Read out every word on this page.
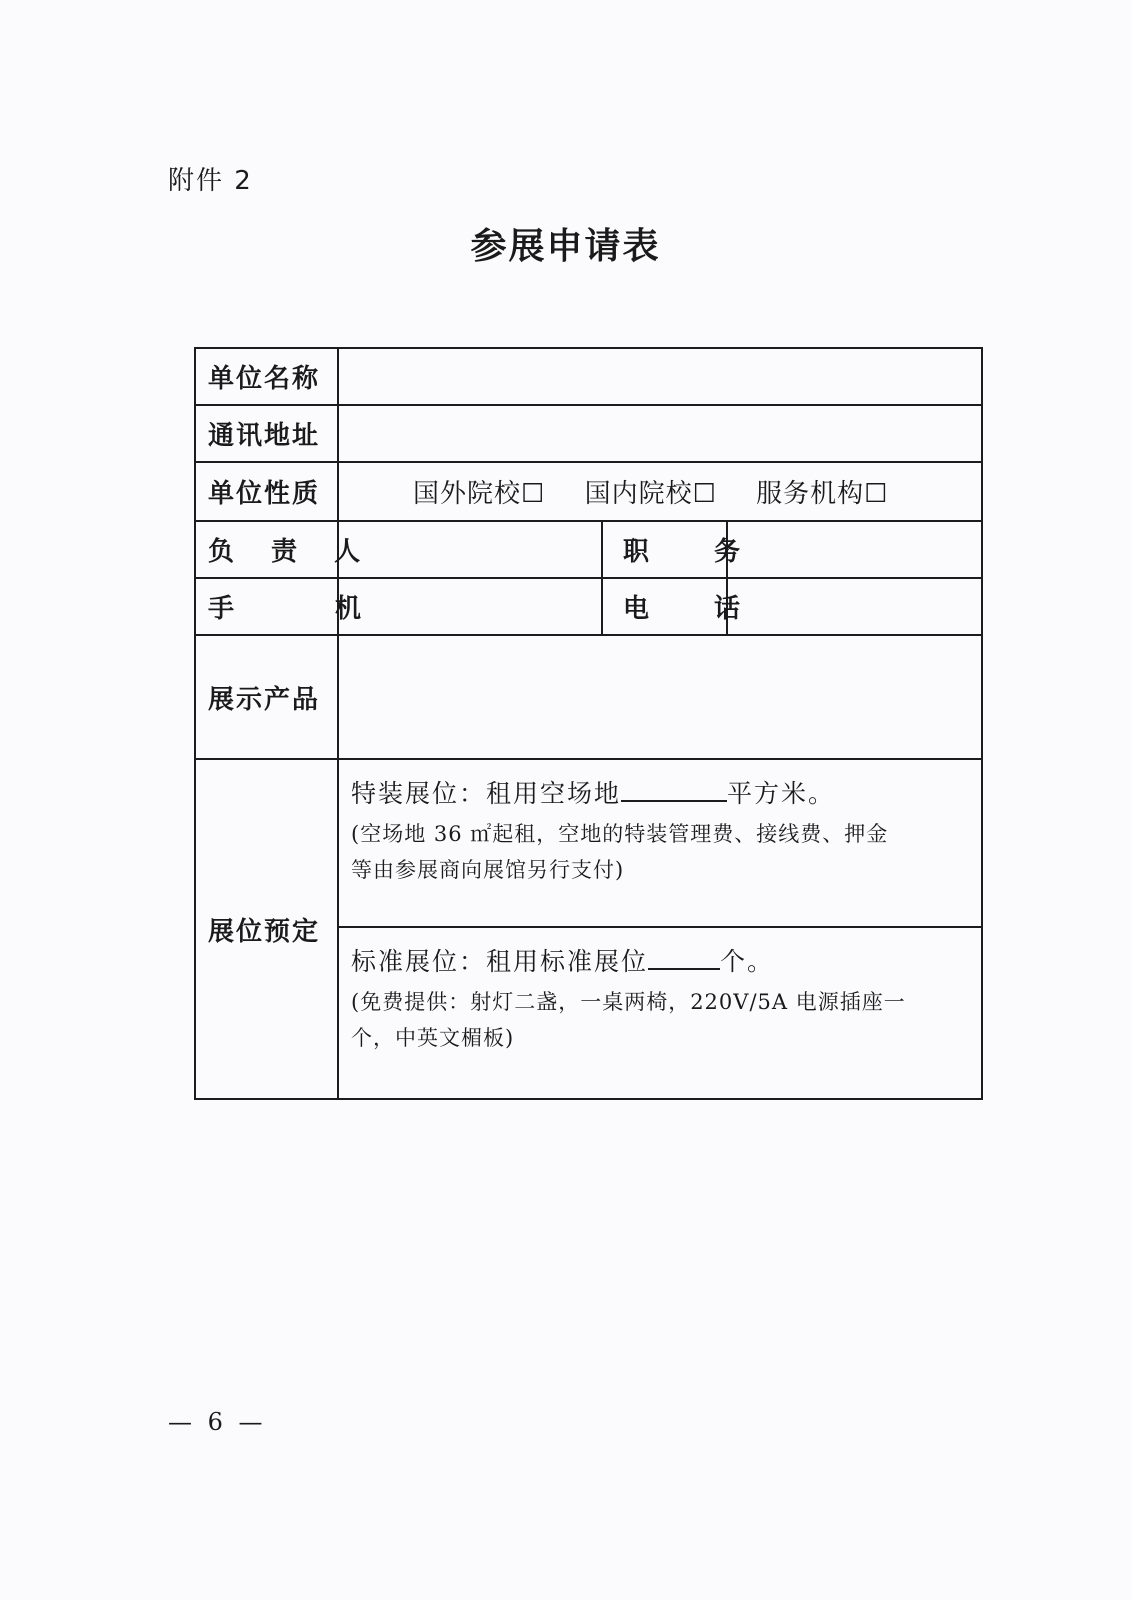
附件 2
参展申请表
单位名称			
通讯地址			
单位性质	国外院校☐ 国内院校☐ 服务机构☐		
负 责 人		职 务	
手 机		电 话	
展示产品			
展位预定	特装展位：租用空场地 平方米。
(空场地 36 ㎡起租，空地的特装管理费、接线费、押金
等由参展商向展馆另行支付)		

	标准展位：租用标准展位 个。
(免费提供：射灯二盏，一桌两椅，220V/5A 电源插座一
个，中英文楣板)		
— 6 —
